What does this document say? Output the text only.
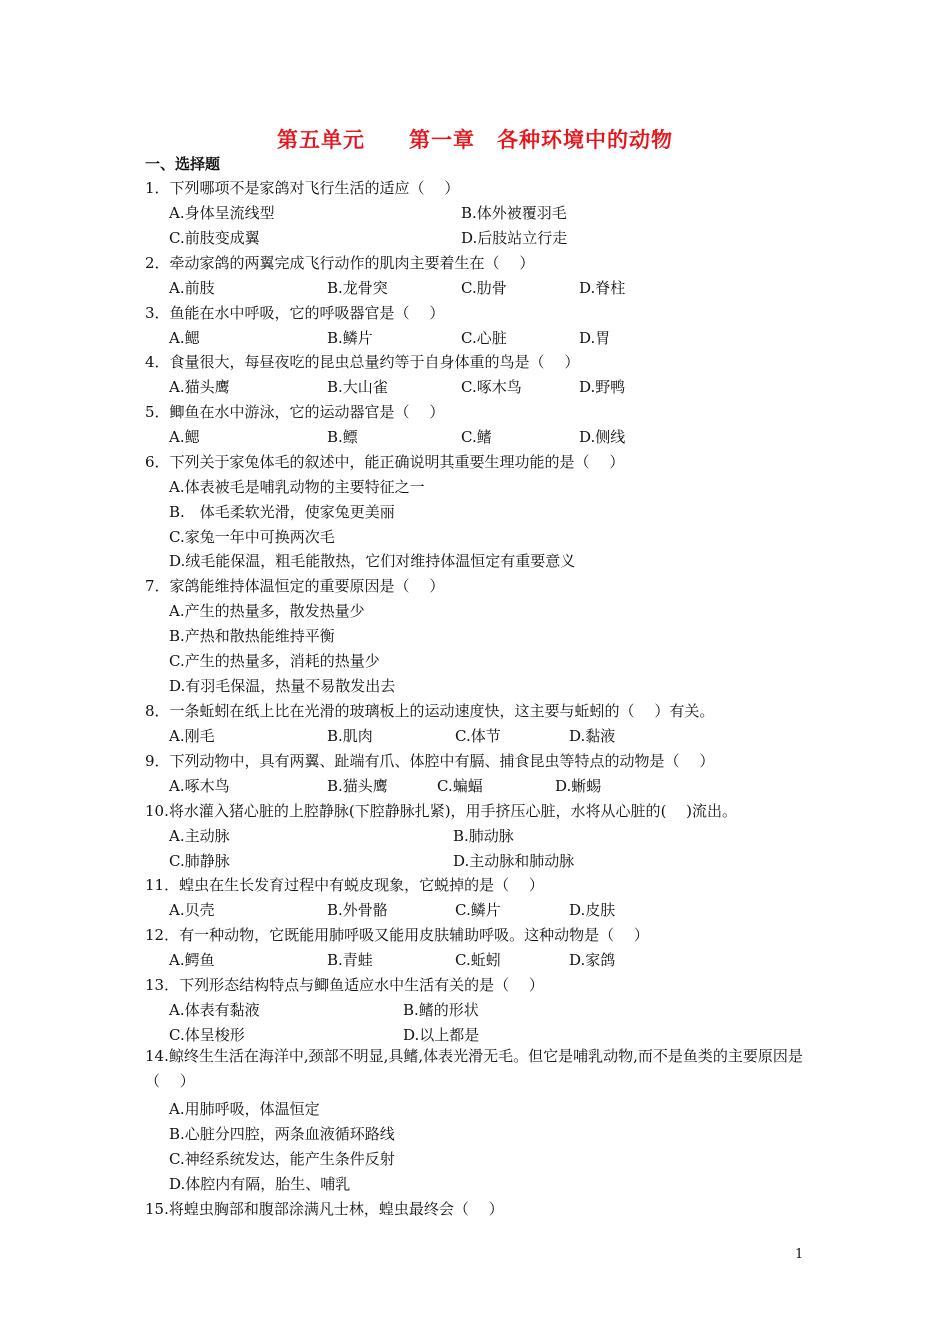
第五单元　　第一章　各种环境中的动物
一、选择题
1．下列哪项不是家鸽对飞行生活的适应（　 ）
A.身体呈流线型	B.体外被覆羽毛
C.前肢变成翼	D.后肢站立行走
2．牵动家鸽的两翼完成飞行动作的肌肉主要着生在（　 ）
A.前肢	B.龙骨突	C.肋骨	D.脊柱
3．鱼能在水中呼吸，它的呼吸器官是（　 ）
A.鳃	B.鳞片	C.心脏	D.胃
4．食量很大，每昼夜吃的昆虫总量约等于自身体重的鸟是（　 ）
A.猫头鹰	B.大山雀	C.啄木鸟	D.野鸭
5．鲫鱼在水中游泳，它的运动器官是（　 ）
A.鳃	B.鳔	C.鳍	D.侧线
6．下列关于家兔体毛的叙述中，能正确说明其重要生理功能的是（　 ）
A.体表被毛是哺乳动物的主要特征之一
B.　体毛柔软光滑，使家兔更美丽
C.家兔一年中可换两次毛
D.绒毛能保温，粗毛能散热，它们对维持体温恒定有重要意义
7．家鸽能维持体温恒定的重要原因是（　 ）
A.产生的热量多，散发热量少
B.产热和散热能维持平衡
C.产生的热量多，消耗的热量少
D.有羽毛保温，热量不易散发出去
8．一条蚯蚓在纸上比在光滑的玻璃板上的运动速度快，这主要与蚯蚓的（　 ）有关。
A.刚毛	B.肌肉	C.体节	D.黏液
9．下列动物中，具有两翼、趾端有爪、体腔中有膈、捕食昆虫等特点的动物是（　 ）
A.啄木鸟	B.猫头鹰	C.蝙蝠	D.蜥蜴
10.将水灌入猪心脏的上腔静脉(下腔静脉扎紧)，用手挤压心脏，水将从心脏的(　 )流出。
A.主动脉	B.肺动脉
C.肺静脉	D.主动脉和肺动脉
11．蝗虫在生长发育过程中有蜕皮现象，它蜕掉的是（　 ）
A.贝壳	B.外骨骼	C.鳞片	D.皮肤
12．有一种动物，它既能用肺呼吸又能用皮肤辅助呼吸。这种动物是（　 ）
A.鳄鱼	B.青蛙	C.蚯蚓	D.家鸽
13．下列形态结构特点与鲫鱼适应水中生活有关的是（　 ）
A.体表有黏液	B.鳍的形状
C.体呈梭形	D.以上都是
14.鲸终生生活在海洋中,颈部不明显,具鳍,体表光滑无毛。但它是哺乳动物,而不是鱼类的主要原因是（　 ）
A.用肺呼吸，体温恒定
B.心脏分四腔，两条血液循环路线
C.神经系统发达，能产生条件反射
D.体腔内有隔，胎生、哺乳
15.将蝗虫胸部和腹部涂满凡士林，蝗虫最终会（　 ）
1
